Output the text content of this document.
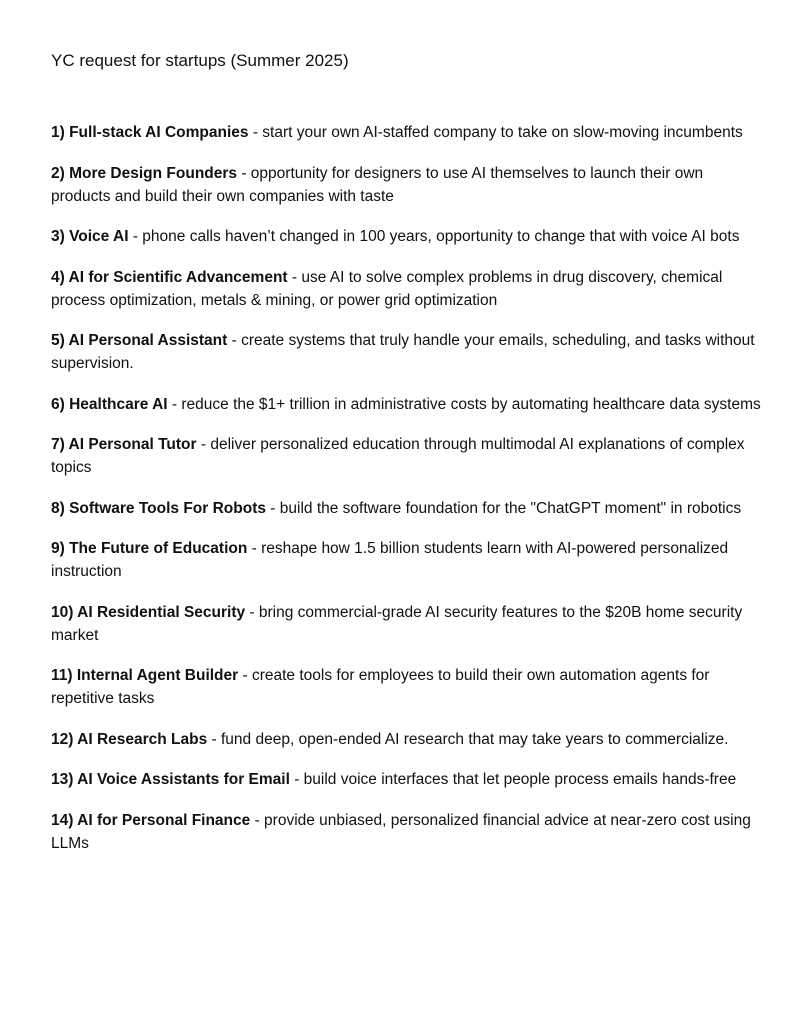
YC request for startups (Summer 2025)

1) Full-stack AI Companies - start your own AI-staffed company to take on slow-moving incumbents

2) More Design Founders - opportunity for designers to use AI themselves to launch their own products and build their own companies with taste

3) Voice AI - phone calls haven’t changed in 100 years, opportunity to change that with voice AI bots

4) AI for Scientific Advancement - use AI to solve complex problems in drug discovery, chemical process optimization, metals & mining, or power grid optimization

5) AI Personal Assistant - create systems that truly handle your emails, scheduling, and tasks without supervision.

6) Healthcare AI - reduce the $1+ trillion in administrative costs by automating healthcare data systems

7) AI Personal Tutor - deliver personalized education through multimodal AI explanations of complex topics

8) Software Tools For Robots - build the software foundation for the "ChatGPT moment" in robotics

9) The Future of Education - reshape how 1.5 billion students learn with AI-powered personalized instruction

10) AI Residential Security - bring commercial-grade AI security features to the $20B home security market

11) Internal Agent Builder - create tools for employees to build their own automation agents for repetitive tasks

12) AI Research Labs - fund deep, open-ended AI research that may take years to commercialize.

13) AI Voice Assistants for Email - build voice interfaces that let people process emails hands-free

14) AI for Personal Finance - provide unbiased, personalized financial advice at near-zero cost using LLMs
